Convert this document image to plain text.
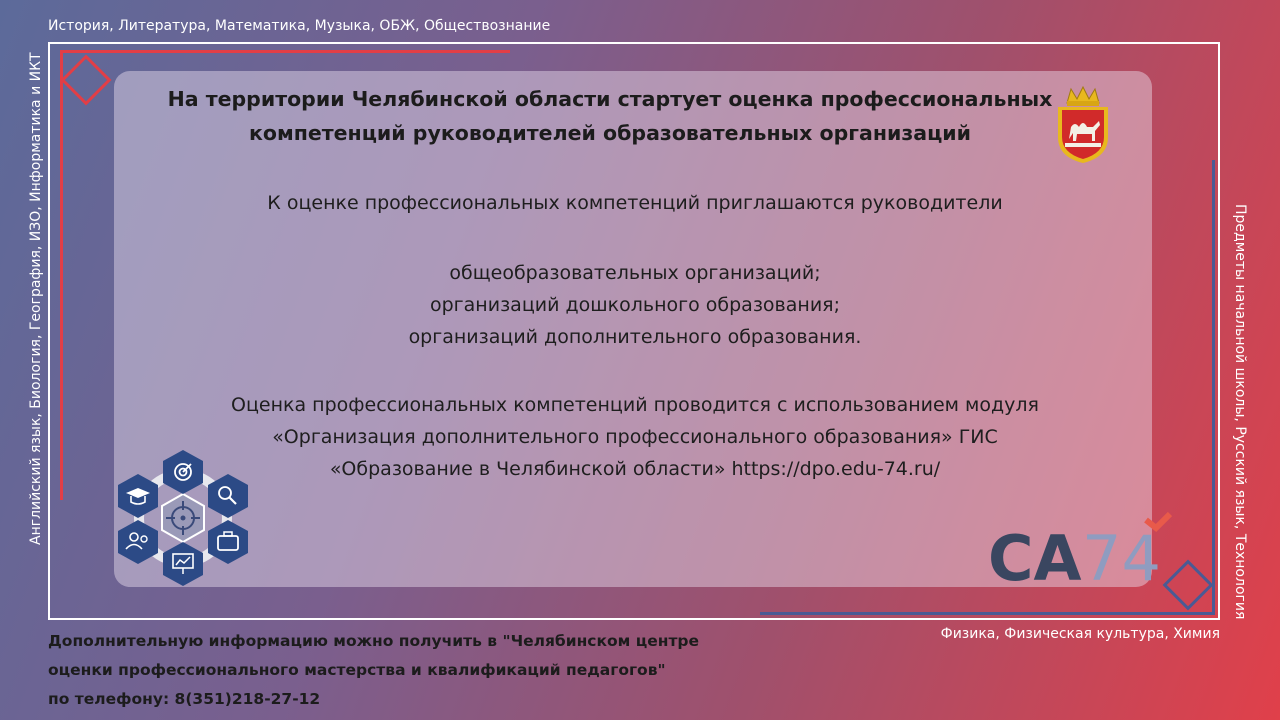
История, Литература, Математика, Музыка, ОБЖ, Обществознание
Английский язык, Биология, География, ИЗО, Информатика и ИКТ	Предметы начальной школы, Русский язык, Технология
Физика, Физическая культура, Химия
На территории Челябинской области стартует оценка профессиональных
компетенций руководителей образовательных организаций
К оценке профессиональных компетенций приглашаются руководители
общеобразовательных организаций;
организаций дошкольного образования;
организаций дополнительного образования.
Оценка профессиональных компетенций проводится с использованием модуля
«Организация дополнительного профессионального образования» ГИС
«Образование в Челябинской области» https://dpo.edu-74.ru/
СА 74
Дополнительную информацию можно получить в "Челябинском центре
оценки профессионального мастерства и квалификаций педагогов"
по телефону: 8(351)218-27-12
